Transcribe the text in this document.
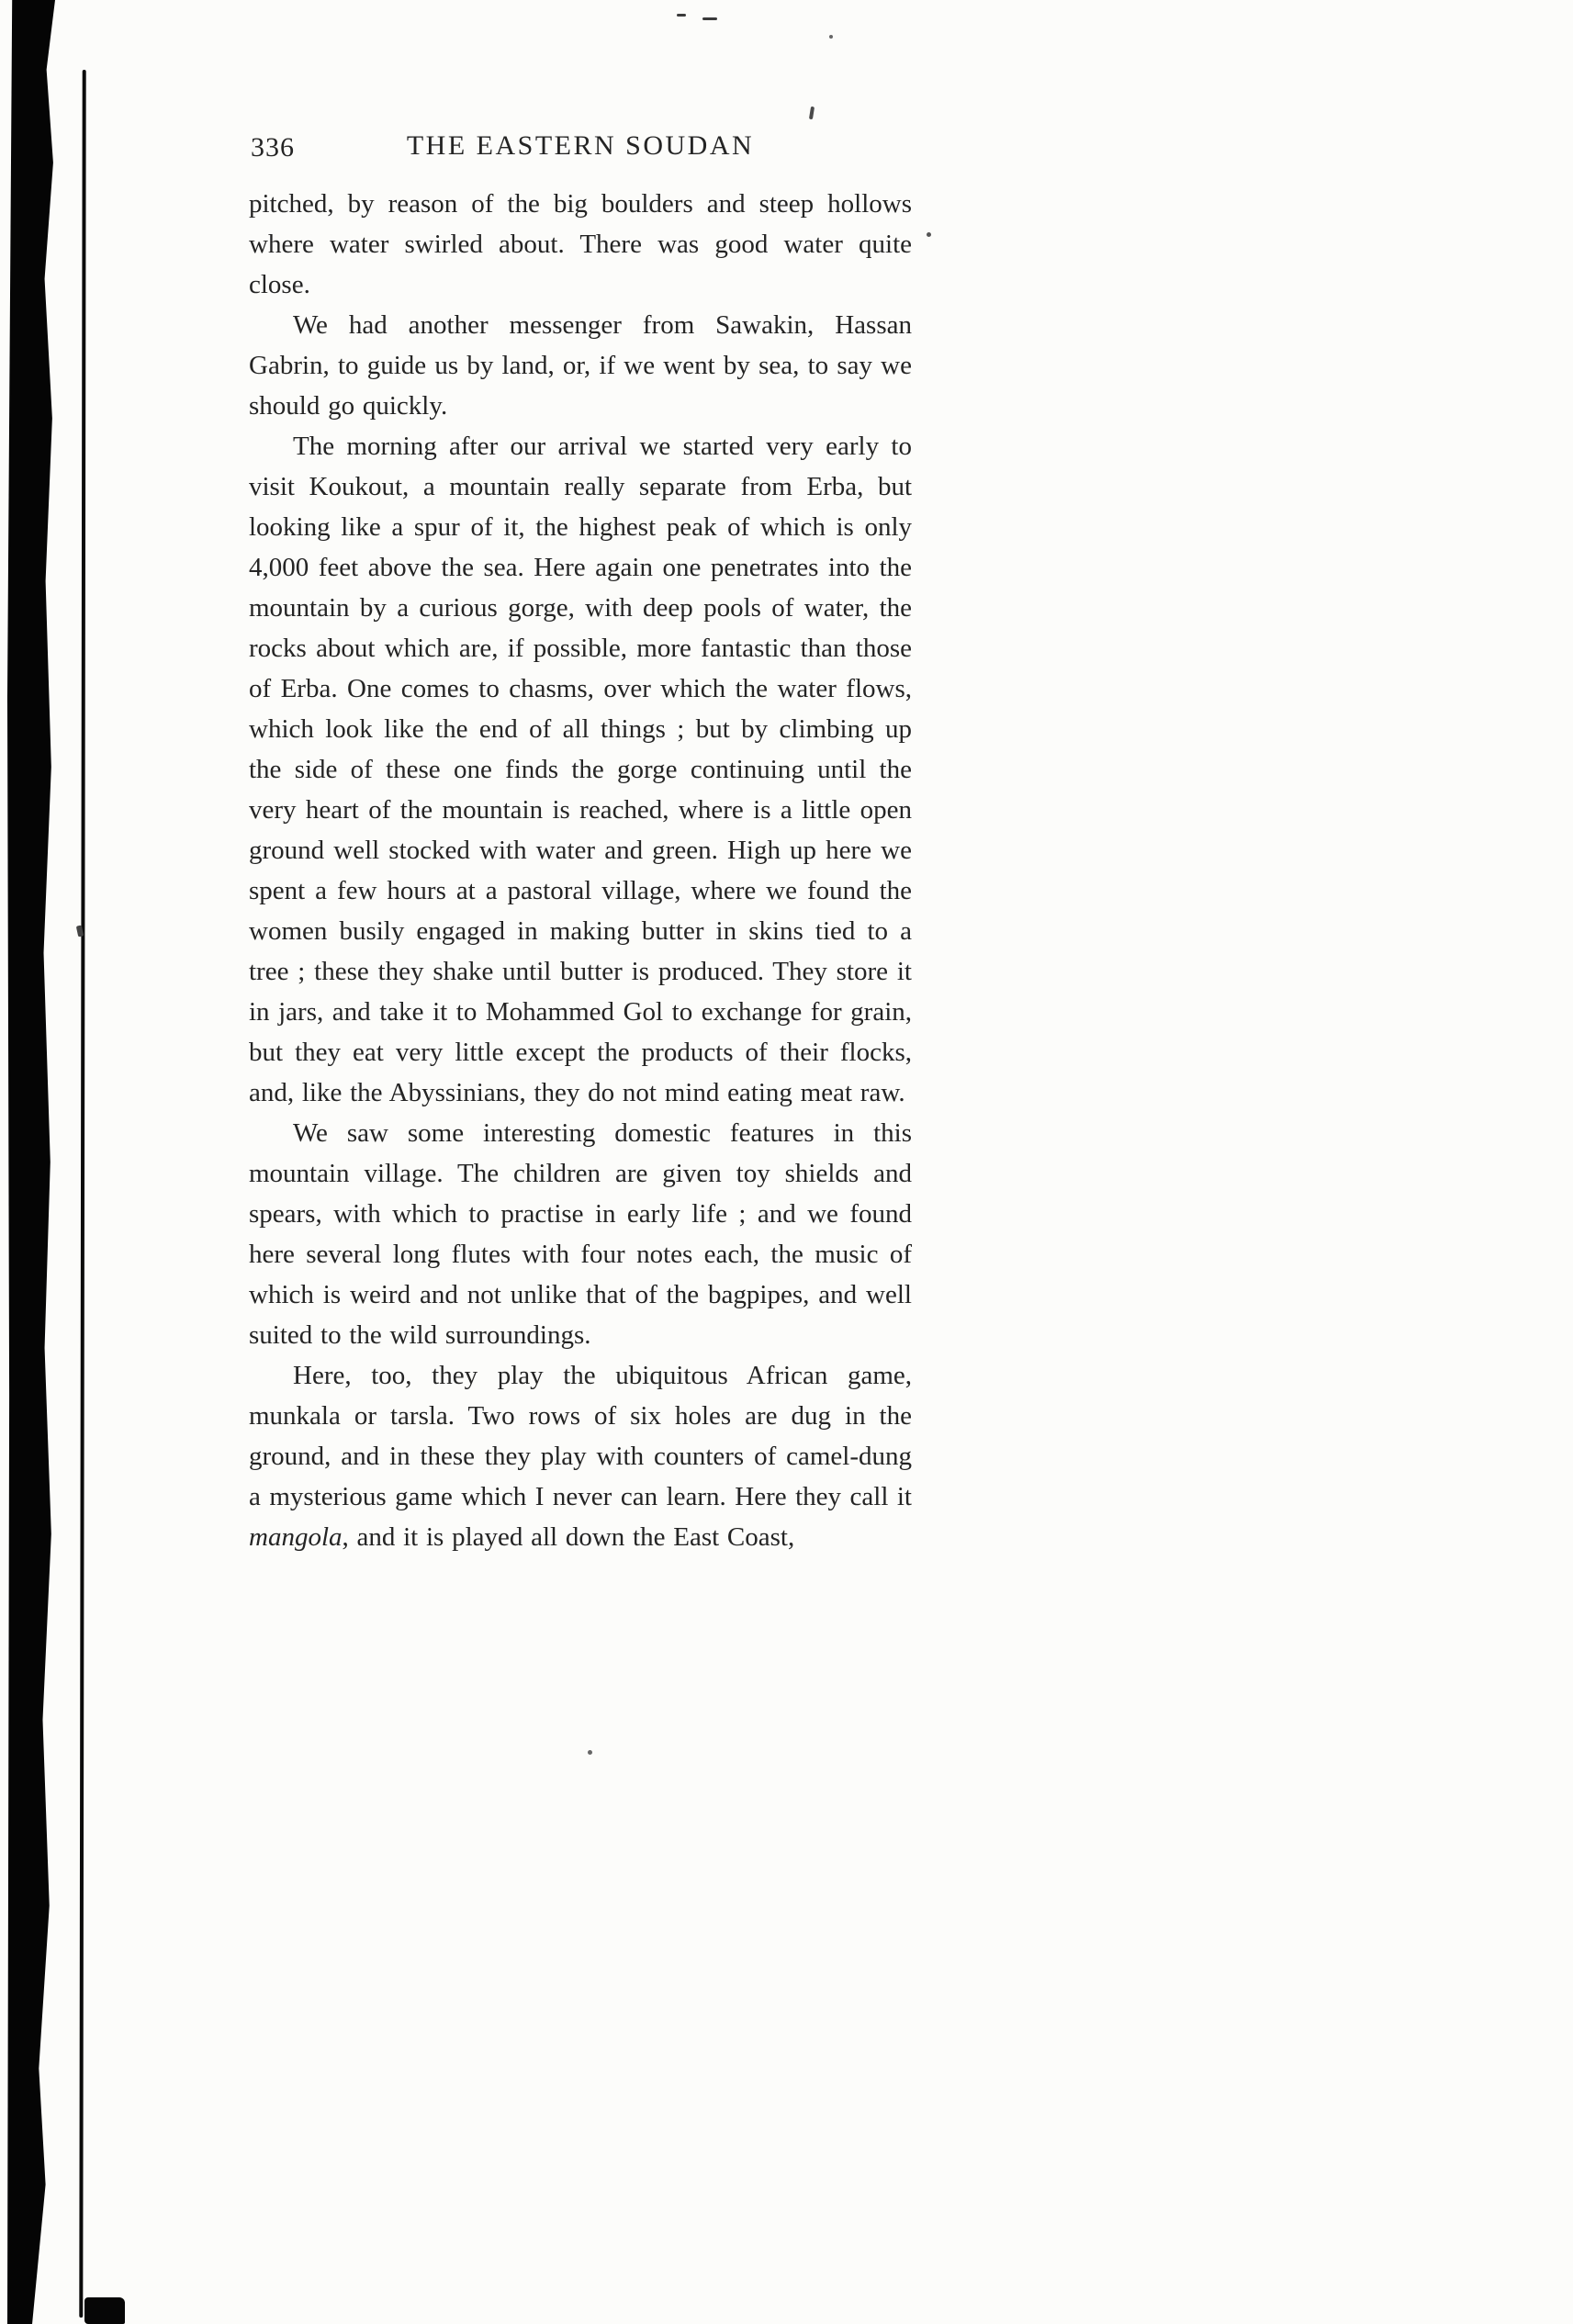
336	THE EASTERN SOUDAN

pitched, by reason of the big boulders and steep hollows where water swirled about. There was good water quite close.

We had another messenger from Sawakin, Hassan Gabrin, to guide us by land, or, if we went by sea, to say we should go quickly.

The morning after our arrival we started very early to visit Koukout, a mountain really separate from Erba, but looking like a spur of it, the highest peak of which is only 4,000 feet above the sea. Here again one penetrates into the mountain by a curious gorge, with deep pools of water, the rocks about which are, if possible, more fantastic than those of Erba. One comes to chasms, over which the water flows, which look like the end of all things ; but by climbing up the side of these one finds the gorge continuing until the very heart of the mountain is reached, where is a little open ground well stocked with water and green. High up here we spent a few hours at a pastoral village, where we found the women busily engaged in making butter in skins tied to a tree ; these they shake until butter is produced. They store it in jars, and take it to Mohammed Gol to exchange for grain, but they eat very little except the products of their flocks, and, like the Abyssinians, they do not mind eating meat raw.

We saw some interesting domestic features in this mountain village. The children are given toy shields and spears, with which to practise in early life ; and we found here several long flutes with four notes each, the music of which is weird and not unlike that of the bagpipes, and well suited to the wild surroundings.

Here, too, they play the ubiquitous African game, munkala or tarsla. Two rows of six holes are dug in the ground, and in these they play with counters of camel-dung a mysterious game which I never can learn. Here they call it mangola, and it is played all down the East Coast,
